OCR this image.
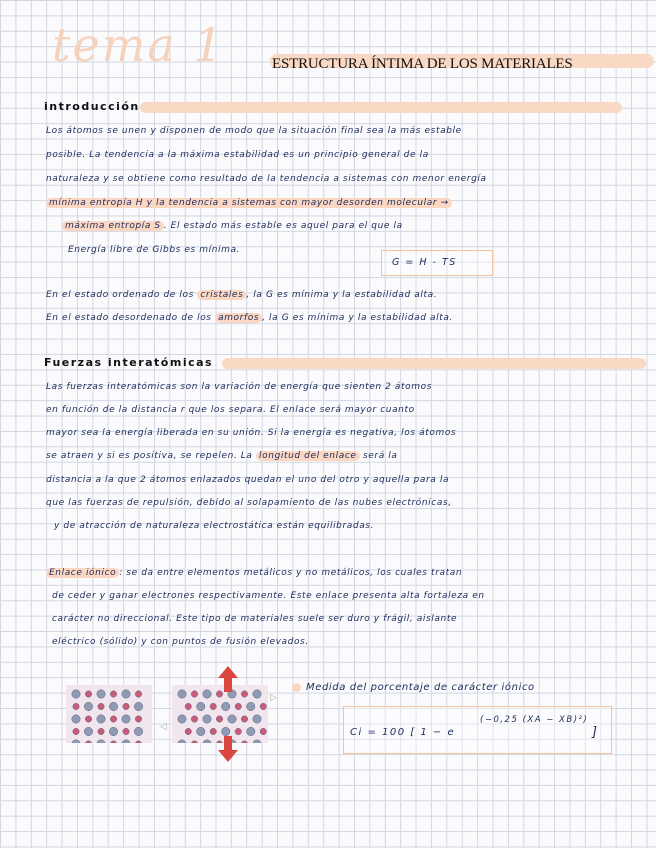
tema 1	ESTRUCTURA ÍNTIMA DE LOS MATERIALES
introducción
Los átomos se unen y disponen de modo que la situación final sea la más estable
posible. La tendencia a la máxima estabilidad es un principio general de la
naturaleza y se obtiene como resultado de la tendencia a sistemas con menor energía
mínima entropía H y la tendencia a sistemas con mayor desorden molecular →
máxima entropía S . El estado más estable es aquel para el que la
Energía libre de Gibbs es mínima.
G = H - TS
En el estado ordenado de los cristales , la G es mínima y la estabilidad alta.
En el estado desordenado de los amorfos , la G es mínima y la estabilidad alta.
Fuerzas interatómicas
Las fuerzas interatómicas son la variación de energía que sienten 2 átomos
en función de la distancia r que los separa. El enlace será mayor cuanto
mayor sea la energía liberada en su unión. Si la energía es negativa, los átomos
se atraen y si es positiva, se repelen. La longitud del enlace será la
distancia a la que 2 átomos enlazados quedan el uno del otro y aquella para la
que las fuerzas de repulsión, debido al solapamiento de las nubes electrónicas,
y de atracción de naturaleza electrostática están equilibradas.
Enlace iónico : se da entre elementos metálicos y no metálicos, los cuales tratan
de ceder y ganar electrones respectivamente. Este enlace presenta alta fortaleza en
carácter no direccional. Este tipo de materiales suele ser duro y frágil, aislante
eléctrico (sólido) y con puntos de fusión elevados.
◁
▷
Medida del porcentaje de carácter iónico
Ci = 100 [ 1 − e
(−0,25 (XA − XB)²)
]
